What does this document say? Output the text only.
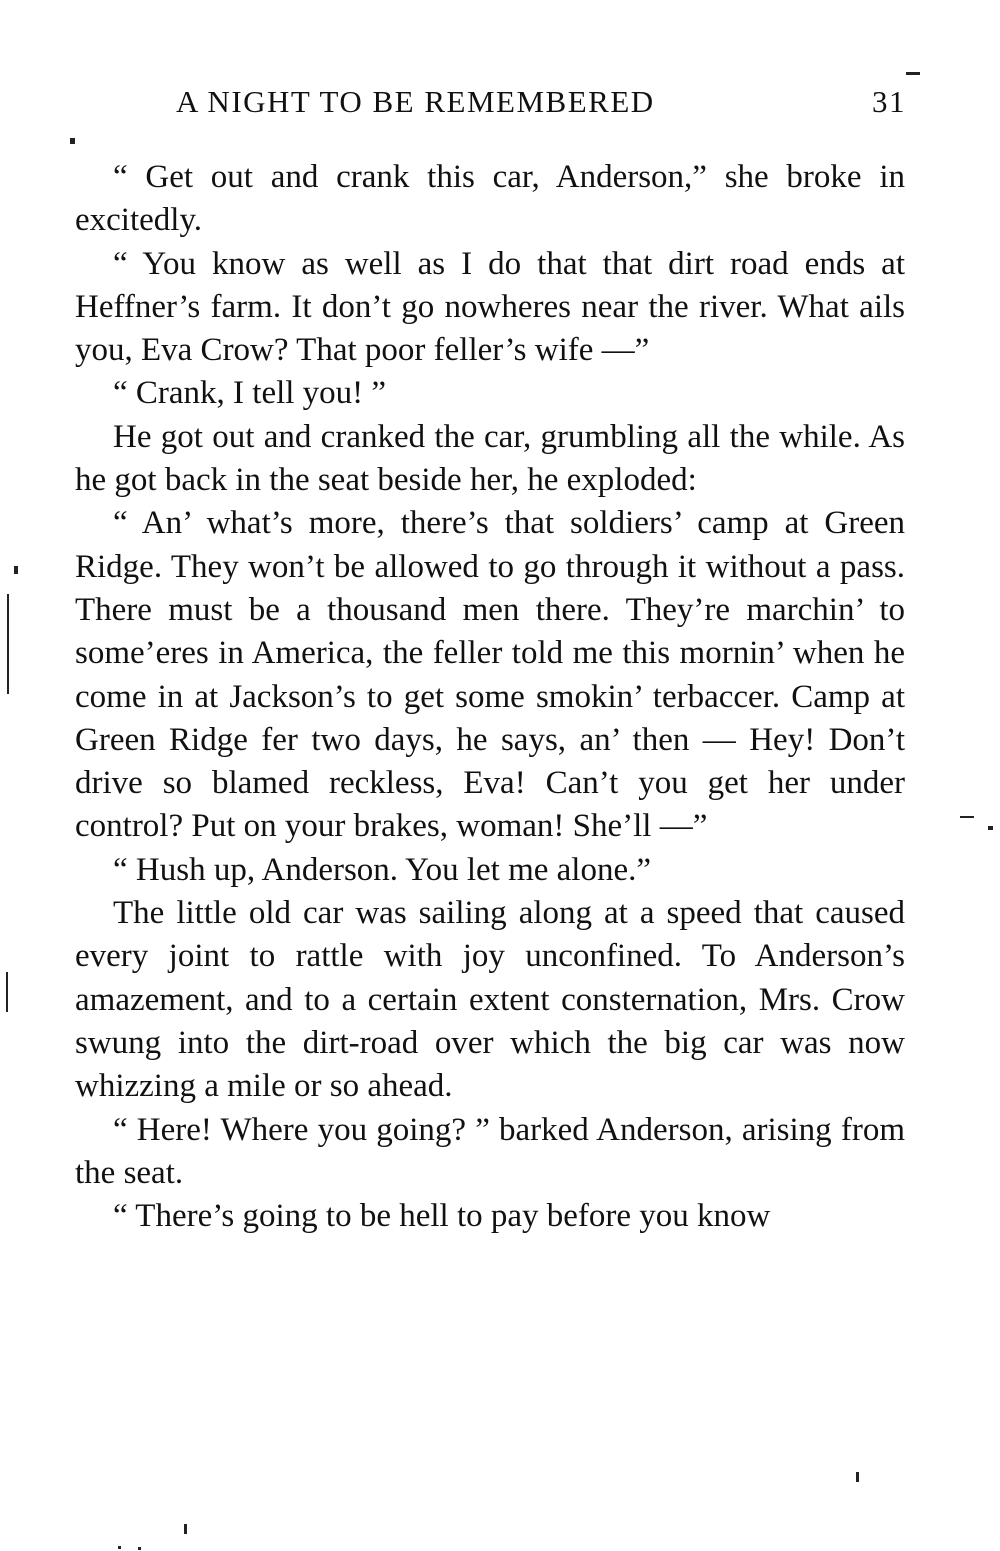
A NIGHT TO BE REMEMBERED	31

“ Get out and crank this car, Anderson,” she broke in excitedly.

“ You know as well as I do that that dirt road ends at Heffner’s farm. It don’t go nowheres near the river. What ails you, Eva Crow? That poor feller’s wife —”

“ Crank, I tell you! ”

He got out and cranked the car, grumbling all the while. As he got back in the seat beside her, he exploded:

“ An’ what’s more, there’s that soldiers’ camp at Green Ridge. They won’t be allowed to go through it without a pass. There must be a thousand men there. They’re marchin’ to some’eres in America, the feller told me this mornin’ when he come in at Jackson’s to get some smokin’ terbaccer. Camp at Green Ridge fer two days, he says, an’ then — Hey! Don’t drive so blamed reckless, Eva! Can’t you get her under control? Put on your brakes, woman! She’ll —”

“ Hush up, Anderson. You let me alone.”

The little old car was sailing along at a speed that caused every joint to rattle with joy unconfined. To Anderson’s amazement, and to a certain extent consternation, Mrs. Crow swung into the dirt-road over which the big car was now whizzing a mile or so ahead.

“ Here! Where you going? ” barked Anderson, arising from the seat.

“ There’s going to be hell to pay before you know
